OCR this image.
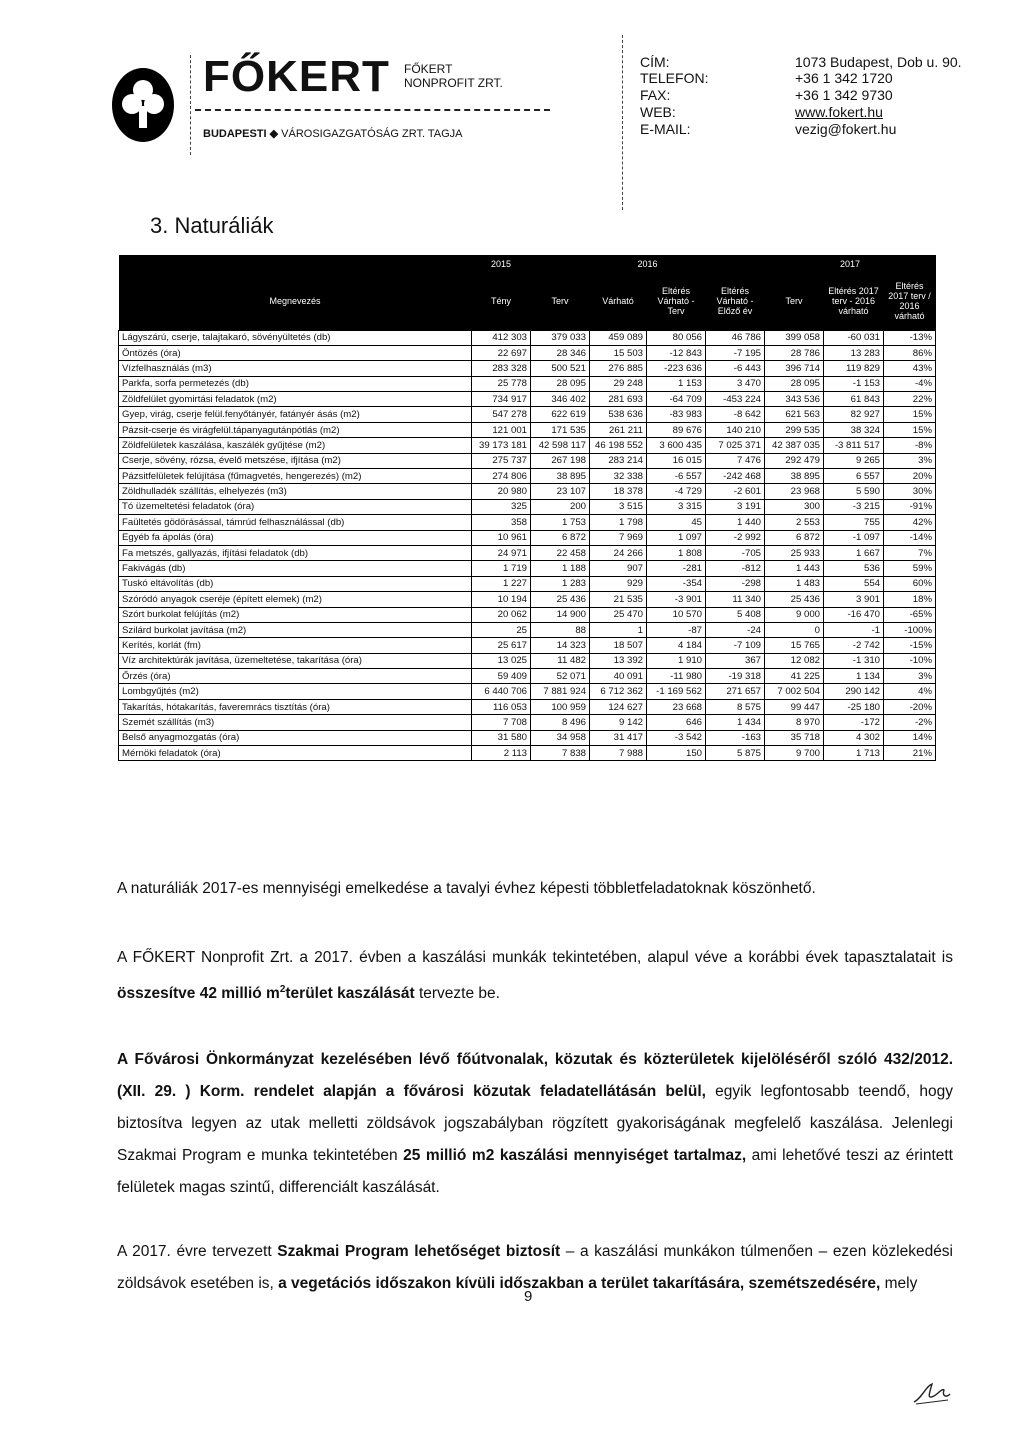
FŐKERT FŐKERT
NONPROFIT ZRT.
BUDAPESTI ◆ VÁROSIGAZGATÓSÁG ZRT. TAGJA
CÍM:	1073 Budapest, Dob u. 90.
TELEFON:	+36 1 342 1720
FAX:	+36 1 342 9730
WEB:	www.fokert.hu
E-MAIL:	vezig@fokert.hu
3. Naturáliák
	2015	2016				2017		
Megnevezés	Tény	Terv	Várható	Eltérés Várható - Terv	Eltérés Várható - Előző év	Terv	Eltérés 2017 terv - 2016 várható	Eltérés 2017 terv / 2016 várható
Lágyszárú, cserje, talajtakaró, sövényültetés (db)	412 303	379 033	459 089	80 056	46 786	399 058	-60 031	-13%
Öntözés (óra)	22 697	28 346	15 503	-12 843	-7 195	28 786	13 283	86%
Vízfelhasználás (m3)	283 328	500 521	276 885	-223 636	-6 443	396 714	119 829	43%
Parkfa, sorfa permetezés (db)	25 778	28 095	29 248	1 153	3 470	28 095	-1 153	-4%
Zöldfelület gyomirtási feladatok (m2)	734 917	346 402	281 693	-64 709	-453 224	343 536	61 843	22%
Gyep, virág, cserje felül.fenyőtányér, fatányér ásás (m2)	547 278	622 619	538 636	-83 983	-8 642	621 563	82 927	15%
Pázsit-cserje és virágfelül.tápanyagutánpótlás (m2)	121 001	171 535	261 211	89 676	140 210	299 535	38 324	15%
Zöldfelületek kaszálása, kaszálék gyűjtése (m2)	39 173 181	42 598 117	46 198 552	3 600 435	7 025 371	42 387 035	-3 811 517	-8%
Cserje, sövény, rózsa, évelő metszése, ifjítása (m2)	275 737	267 198	283 214	16 015	7 476	292 479	9 265	3%
Pázsitfelületek felújítása (fűmagvetés, hengerezés) (m2)	274 806	38 895	32 338	-6 557	-242 468	38 895	6 557	20%
Zöldhulladék szállítás, elhelyezés (m3)	20 980	23 107	18 378	-4 729	-2 601	23 968	5 590	30%
Tó üzemeltetési feladatok (óra)	325	200	3 515	3 315	3 191	300	-3 215	-91%
Faültetés gödörásással, támrúd felhasználással (db)	358	1 753	1 798	45	1 440	2 553	755	42%
Egyéb fa ápolás (óra)	10 961	6 872	7 969	1 097	-2 992	6 872	-1 097	-14%
Fa metszés, gallyazás, ifjítási feladatok (db)	24 971	22 458	24 266	1 808	-705	25 933	1 667	7%
Fakivágás (db)	1 719	1 188	907	-281	-812	1 443	536	59%
Tuskó eltávolítás (db)	1 227	1 283	929	-354	-298	1 483	554	60%
Szóródó anyagok cseréje (épített elemek) (m2)	10 194	25 436	21 535	-3 901	11 340	25 436	3 901	18%
Szórt burkolat felújítás (m2)	20 062	14 900	25 470	10 570	5 408	9 000	-16 470	-65%
Szilárd burkolat javítása (m2)	25	88	1	-87	-24	0	-1	-100%
Kerítés, korlát (fm)	25 617	14 323	18 507	4 184	-7 109	15 765	-2 742	-15%
Víz architektúrák javítása, üzemeltetése, takarítása (óra)	13 025	11 482	13 392	1 910	367	12 082	-1 310	-10%
Őrzés (óra)	59 409	52 071	40 091	-11 980	-19 318	41 225	1 134	3%
Lombgyűjtés (m2)	6 440 706	7 881 924	6 712 362	-1 169 562	271 657	7 002 504	290 142	4%
Takarítás, hótakarítás, faveremrács tisztítás (óra)	116 053	100 959	124 627	23 668	8 575	99 447	-25 180	-20%
Szemét szállítás (m3)	7 708	8 496	9 142	646	1 434	8 970	-172	-2%
Belső anyagmozgatás (óra)	31 580	34 958	31 417	-3 542	-163	35 718	4 302	14%
Mérnöki feladatok (óra)	2 113	7 838	7 988	150	5 875	9 700	1 713	21%
A naturáliák 2017-es mennyiségi emelkedése a tavalyi évhez képesti többletfeladatoknak köszönhető.
A FŐKERT Nonprofit Zrt. a 2017. évben a kaszálási munkák tekintetében, alapul véve a korábbi évek tapasztalatait is összesítve 42 millió $m^2terület$ kaszálását tervezte be.
A Fővárosi Önkormányzat kezelésében lévő főútvonalak, közutak és közterületek kijelöléséről szóló 432/2012. (XII. 29. ) Korm. rendelet alapján a fővárosi közutak feladatellátásán belül, egyik legfontosabb teendő, hogy biztosítva legyen az utak melletti zöldsávok jogszabályban rögzített gyakoriságának megfelelő kaszálása. Jelenlegi Szakmai Program e munka tekintetében 25 millió m2 kaszálási mennyiséget tartalmaz, ami lehetővé teszi az érintett felületek magas szintű, differenciált kaszálását.
A 2017. évre tervezett Szakmai Program lehetőséget biztosít – a kaszálási munkákon túlmenően – ezen közlekedési zöldsávok esetében is, a vegetációs időszakon kívüli időszakban a terület takarítására, szemétszedésére, mely
9
